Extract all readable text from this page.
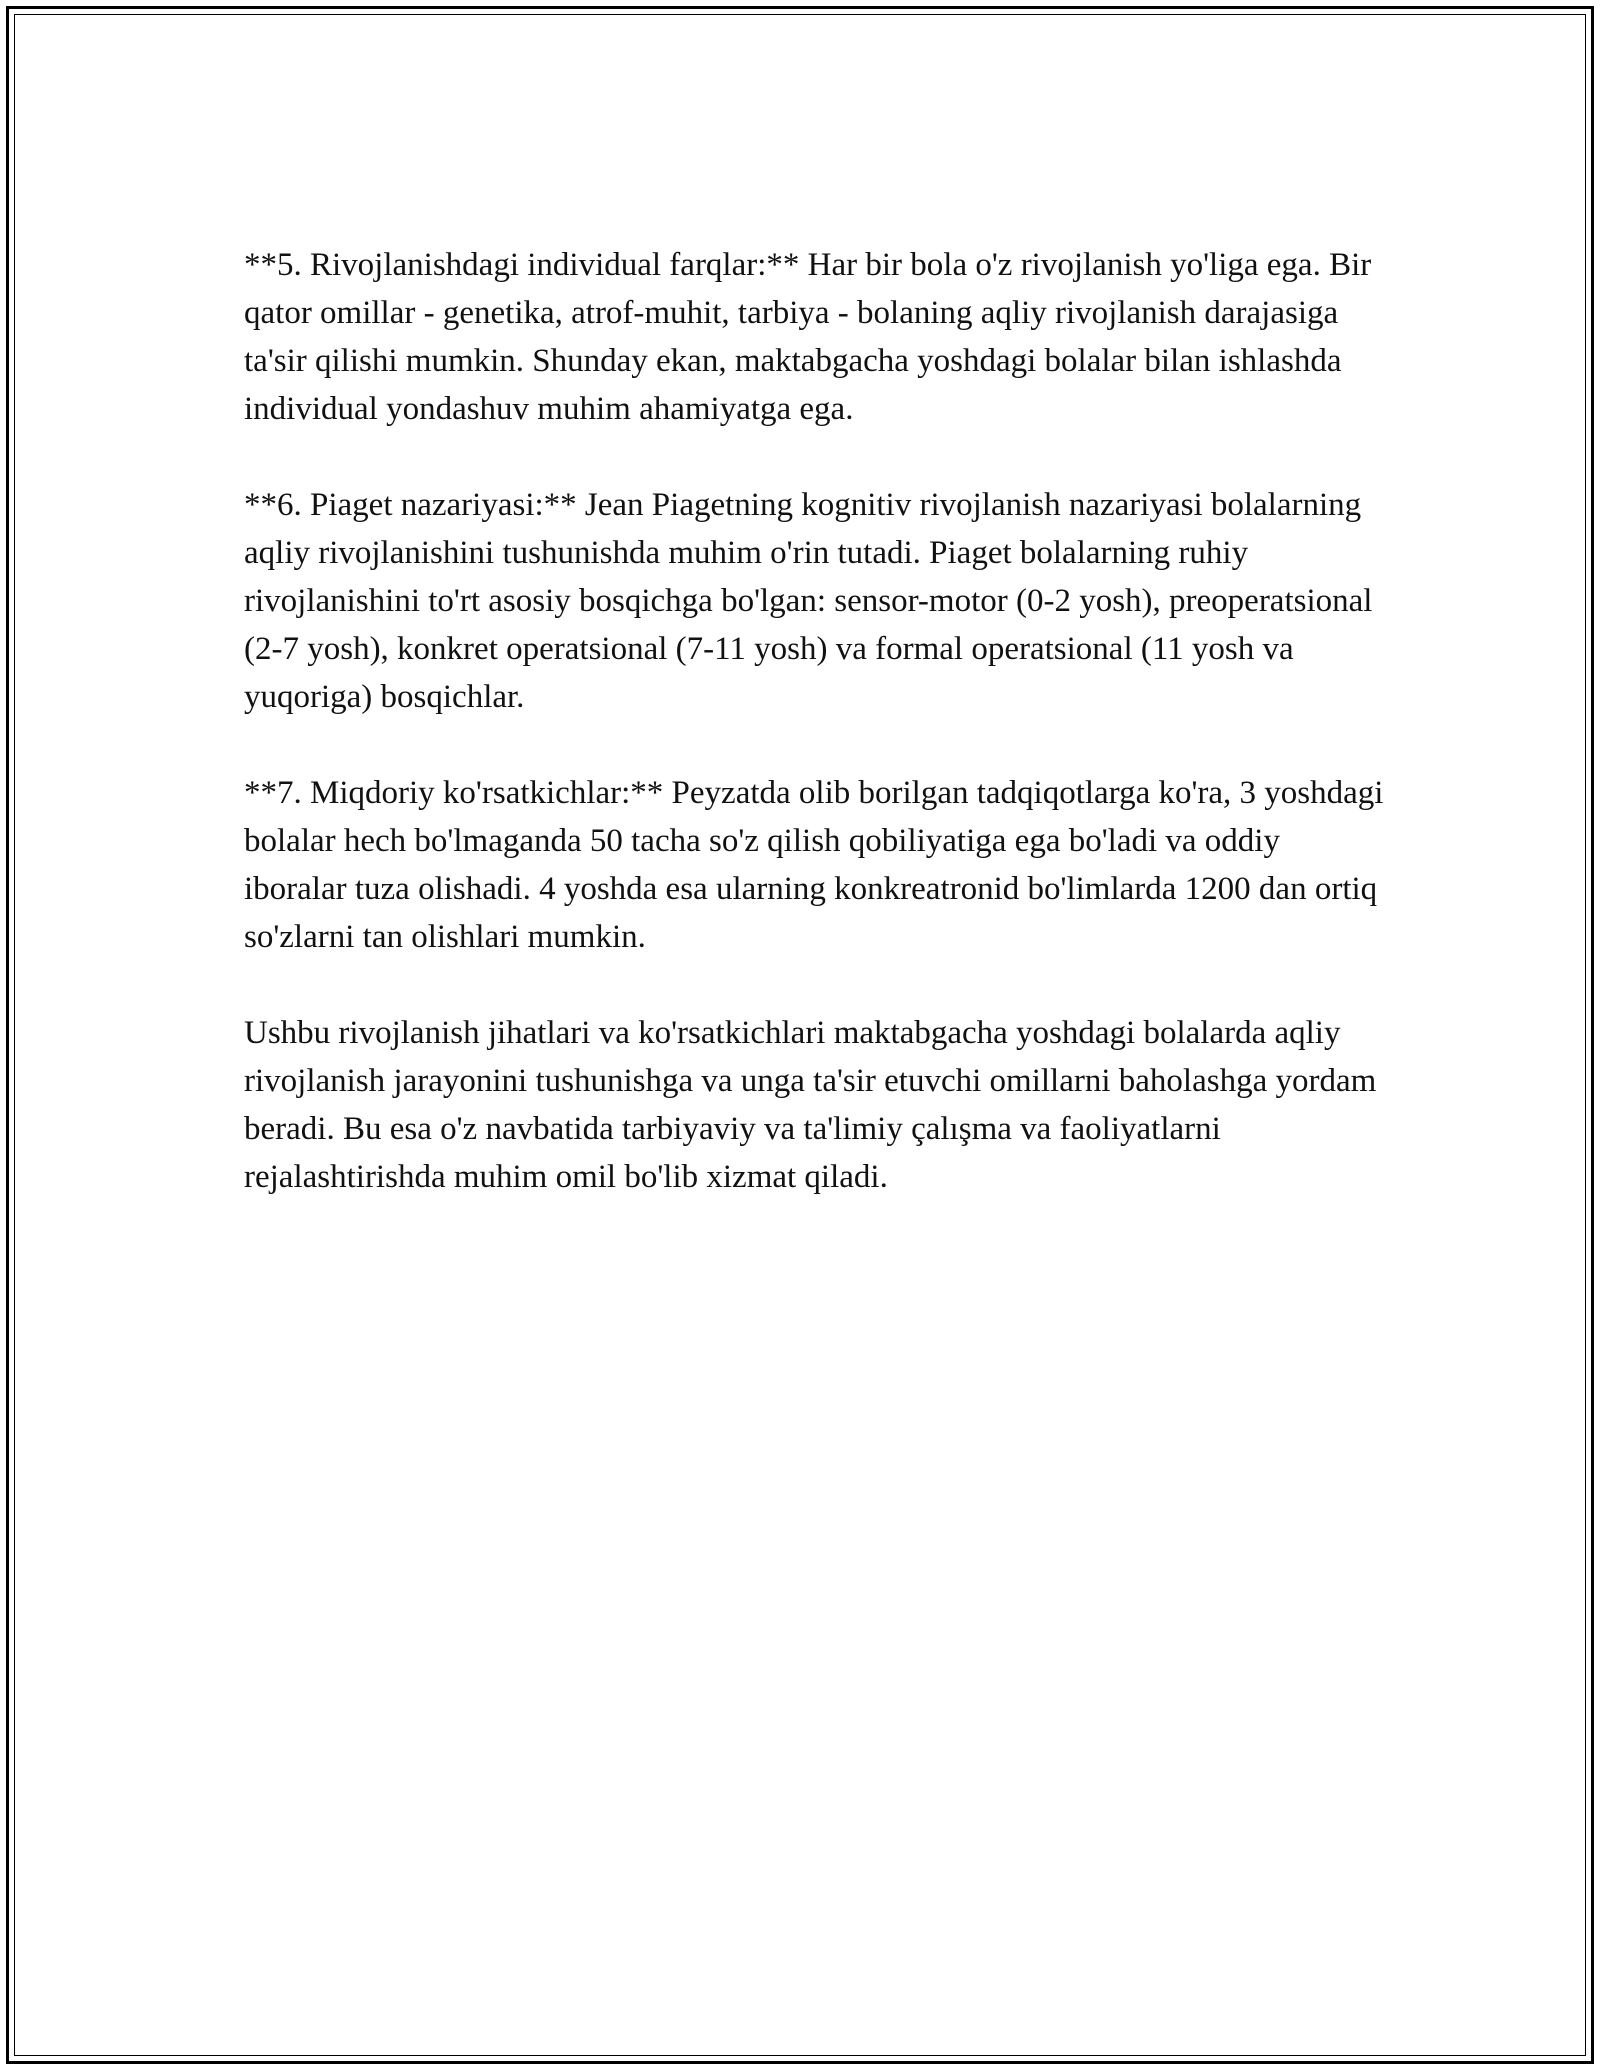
**5. Rivojlanishdagi individual farqlar:** Har bir bola o'z rivojlanish yo'liga ega. Bir qator omillar - genetika, atrof-muhit, tarbiya - bolaning aqliy rivojlanish darajasiga ta'sir qilishi mumkin. Shunday ekan, maktabgacha yoshdagi bolalar bilan ishlashda individual yondashuv muhim ahamiyatga ega.

**6. Piaget nazariyasi:** Jean Piagetning kognitiv rivojlanish nazariyasi bolalarning aqliy rivojlanishini tushunishda muhim o'rin tutadi. Piaget bolalarning ruhiy rivojlanishini to'rt asosiy bosqichga bo'lgan: sensor-motor (0-2 yosh), preoperatsional (2-7 yosh), konkret operatsional (7-11 yosh) va formal operatsional (11 yosh va yuqoriga) bosqichlar.

**7. Miqdoriy ko'rsatkichlar:** Peyzatda olib borilgan tadqiqotlarga ko'ra, 3 yoshdagi bolalar hech bo'lmaganda 50 tacha so'z qilish qobiliyatiga ega bo'ladi va oddiy iboralar tuza olishadi. 4 yoshda esa ularning konkreatronid bo'limlarda 1200 dan ortiq so'zlarni tan olishlari mumkin.

Ushbu rivojlanish jihatlari va ko'rsatkichlari maktabgacha yoshdagi bolalarda aqliy rivojlanish jarayonini tushunishga va unga ta'sir etuvchi omillarni baholashga yordam beradi. Bu esa o'z navbatida tarbiyaviy va ta'limiy çalışma va faoliyatlarni rejalashtirishda muhim omil bo'lib xizmat qiladi.
